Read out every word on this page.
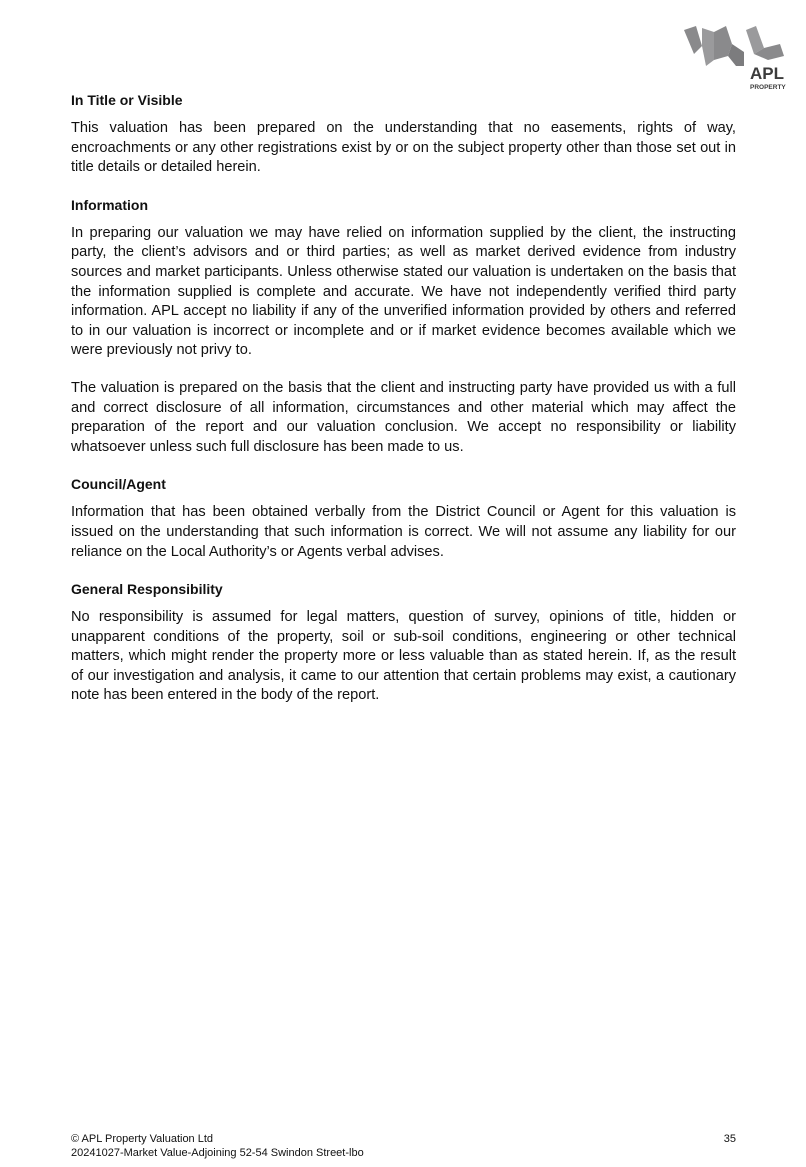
APL
PROPERTY
In Title or Visible

This valuation has been prepared on the understanding that no easements, rights of way, encroachments or any other registrations exist by or on the subject property other than those set out in title details or detailed herein.

Information

In preparing our valuation we may have relied on information supplied by the client, the instructing party, the client’s advisors and or third parties; as well as market derived evidence from industry sources and market participants. Unless otherwise stated our valuation is undertaken on the basis that the information supplied is complete and accurate. We have not independently verified third party information. APL accept no liability if any of the unverified information provided by others and referred to in our valuation is incorrect or incomplete and or if market evidence becomes available which we were previously not privy to.

The valuation is prepared on the basis that the client and instructing party have provided us with a full and correct disclosure of all information, circumstances and other material which may affect the preparation of the report and our valuation conclusion. We accept no responsibility or liability whatsoever unless such full disclosure has been made to us.

Council/Agent

Information that has been obtained verbally from the District Council or Agent for this valuation is issued on the understanding that such information is correct. We will not assume any liability for our reliance on the Local Authority’s or Agents verbal advises.

General Responsibility

No responsibility is assumed for legal matters, question of survey, opinions of title, hidden or unapparent conditions of the property, soil or sub-soil conditions, engineering or other technical matters, which might render the property more or less valuable than as stated herein. If, as the result of our investigation and analysis, it came to our attention that certain problems may exist, a cautionary note has been entered in the body of the report.

© APL Property Valuation Ltd	35
20241027-Market Value-Adjoining 52-54 Swindon Street-lbo
